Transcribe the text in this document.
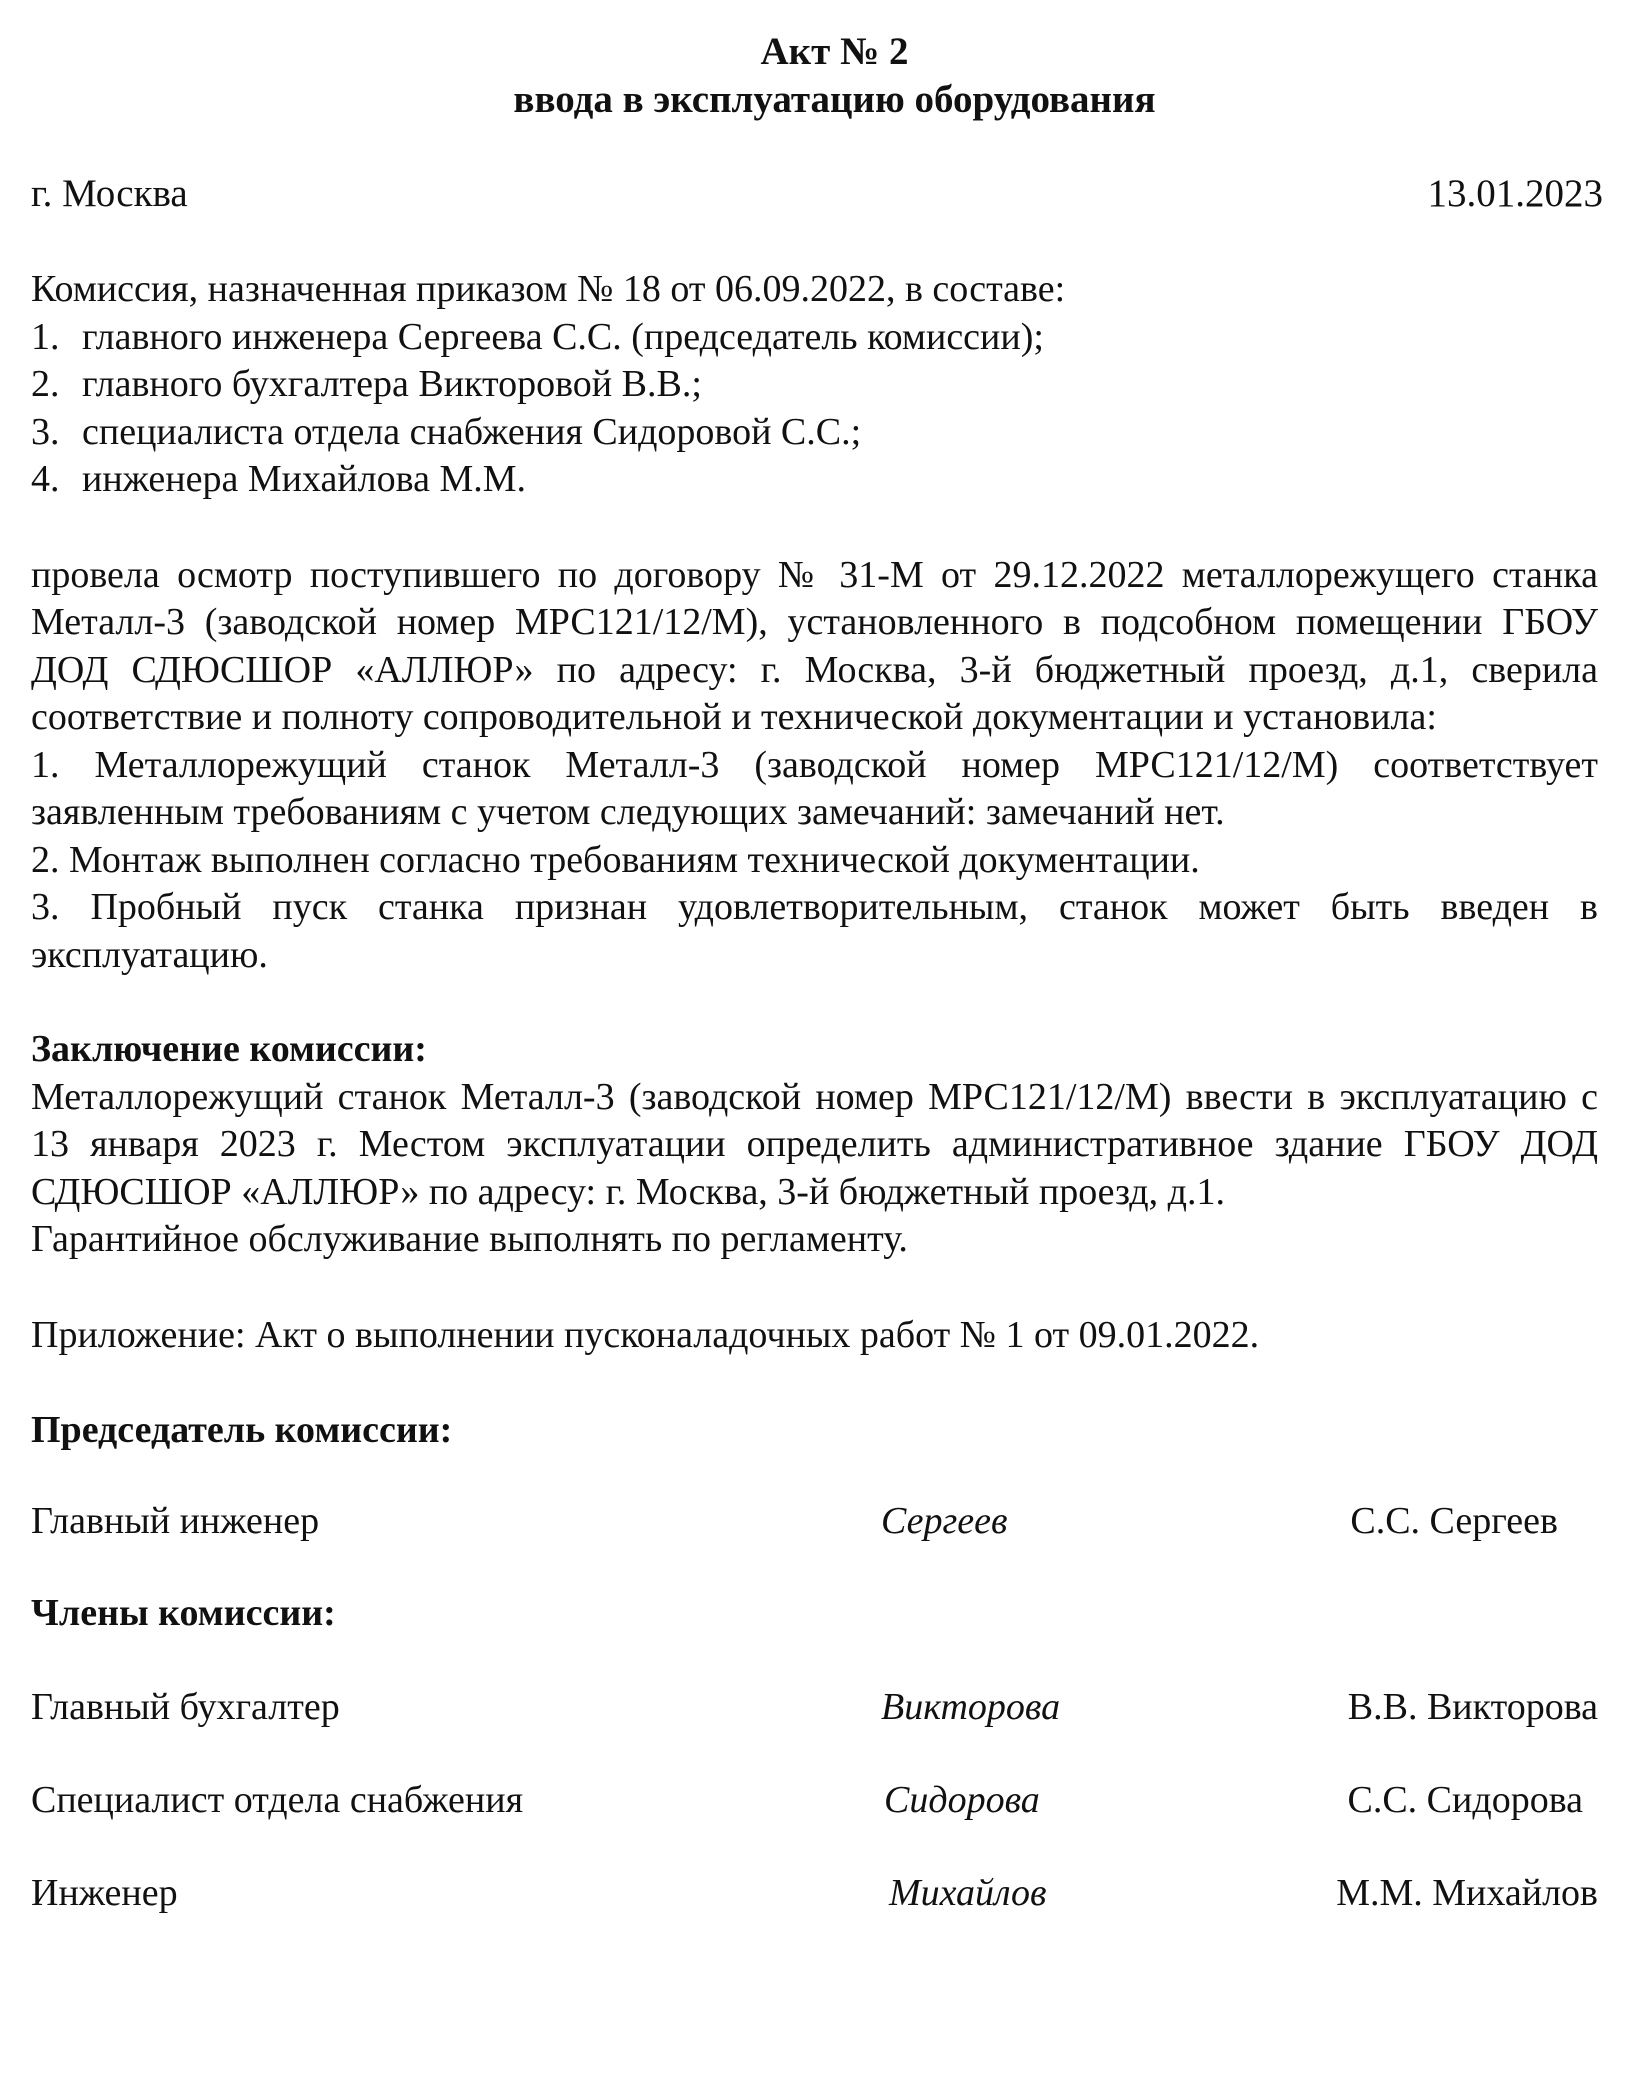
Акт № 2

ввода в эксплуатацию оборудования

г. Москва	13.01.2023

Комиссия, назначенная приказом № 18 от 06.09.2022, в составе:

1. главного инженера Сергеева С.С. (председатель комиссии);
2. главного бухгалтера Викторовой В.В.;
3. специалиста отдела снабжения Сидоровой С.С.;
4. инженера Михайлова М.М.

провела осмотр поступившего по договору № 31-М от 29.12.2022 металлорежущего станка Металл-3 (заводской номер МРС121/12/М), установленного в подсобном помещении ГБОУ ДОД СДЮСШОР «АЛЛЮР» по адресу: г. Москва, 3-й бюджетный проезд, д.1, сверила соответствие и полноту сопроводительной и технической документации и установила:

1. Металлорежущий станок Металл-3 (заводской номер МРС121/12/М) соответствует заявленным требованиям с учетом следующих замечаний: замечаний нет.

2. Монтаж выполнен согласно требованиям технической документации.

3. Пробный пуск станка признан удовлетворительным, станок может быть введен в эксплуатацию.

Заключение комиссии:

Металлорежущий станок Металл-3 (заводской номер МРС121/12/М) ввести в эксплуатацию с 13 января 2023 г. Местом эксплуатации определить административное здание ГБОУ ДОД СДЮСШОР «АЛЛЮР» по адресу: г. Москва, 3-й бюджетный проезд, д.1.

Гарантийное обслуживание выполнять по регламенту.

Приложение: Акт о выполнении пусконаладочных работ № 1 от 09.01.2022.

Председатель комиссии:

Главный инженер	Сергеев	С.С. Сергеев

Члены комиссии:

Главный бухгалтер	Викторова	В.В. Викторова
Специалист отдела снабжения	Сидорова	С.С. Сидорова
Инженер	Михайлов	М.М. Михайлов
